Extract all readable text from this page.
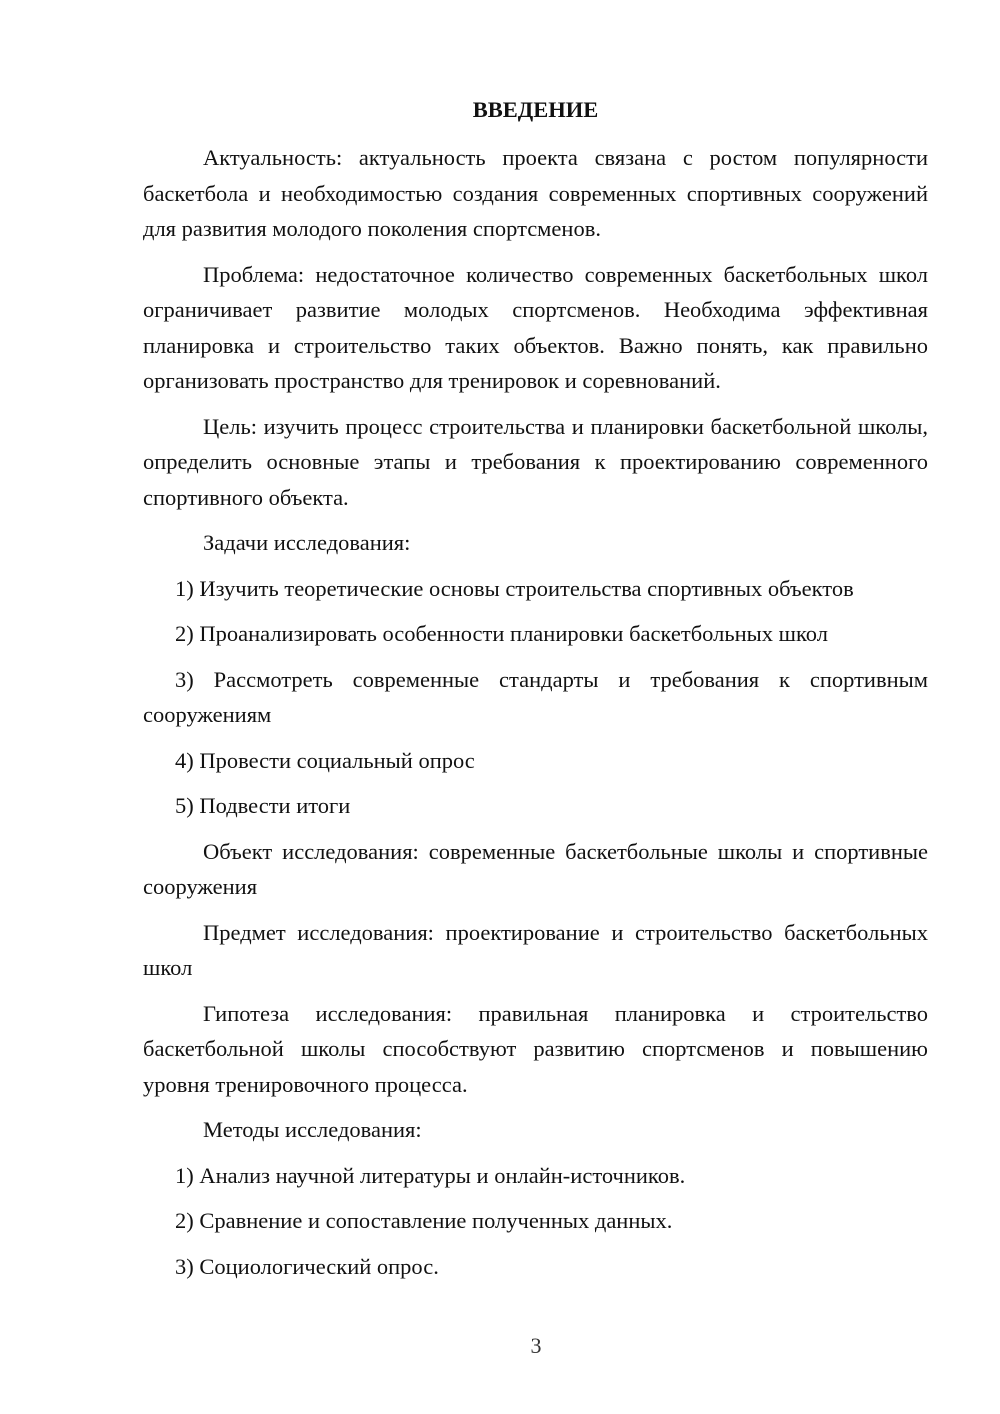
ВВЕДЕНИЕ

Актуальность: актуальность проекта связана с ростом популярности баскетбола и необходимостью создания современных спортивных сооружений для развития молодого поколения спортсменов.

Проблема: недостаточное количество современных баскетбольных школ ограничивает развитие молодых спортсменов. Необходима эффективная планировка и строительство таких объектов. Важно понять, как правильно организовать пространство для тренировок и соревнований.

Цель: изучить процесс строительства и планировки баскетбольной школы, определить основные этапы и требования к проектированию современного спортивного объекта.

Задачи исследования:

1) Изучить теоретические основы строительства спортивных объектов

2) Проанализировать особенности планировки баскетбольных школ

3) Рассмотреть современные стандарты и требования к спортивным сооружениям

4) Провести социальный опрос

5) Подвести итоги

Объект исследования: современные баскетбольные школы и спортивные сооружения

Предмет исследования: проектирование и строительство баскетбольных школ

Гипотеза исследования: правильная планировка и строительство баскетбольной школы способствуют развитию спортсменов и повышению уровня тренировочного процесса.

Методы исследования:

1) Анализ научной литературы и онлайн-источников.

2) Сравнение и сопоставление полученных данных.

3) Социологический опрос.

3
